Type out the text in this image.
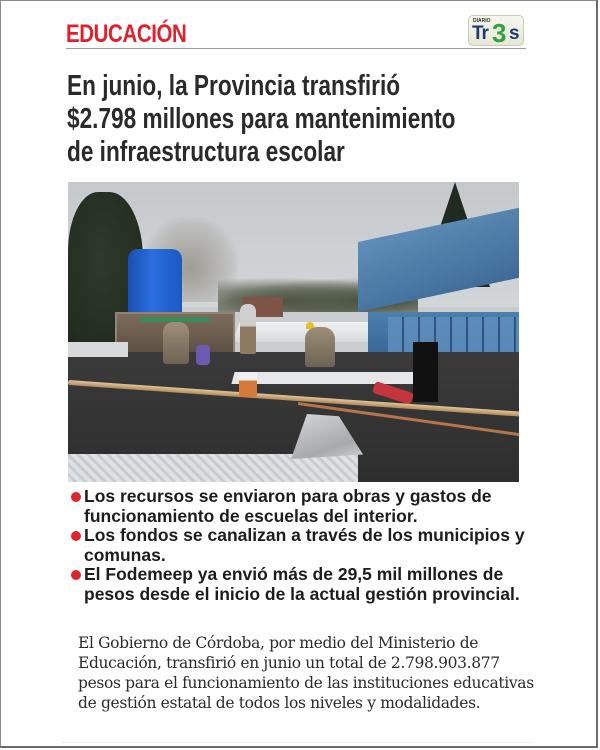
EDUCACIÓN	DIARIO
Tr 3 s
En junio, la Provincia transfirió
$2.798 millones para mantenimiento
de infraestructura escolar
Los recursos se enviaron para obras y gastos de funcionamiento de escuelas del interior.
Los fondos se canalizan a través de los municipios y comunas.
El Fodemeep ya envió más de 29,5 mil millones de pesos desde el inicio de la actual gestión provincial.

El Gobierno de Córdoba, por medio del Ministerio de Educación, transfirió en junio un total de 2.798.903.877 pesos para el funcionamiento de las instituciones educativas de gestión estatal de todos los niveles y modalidades.
